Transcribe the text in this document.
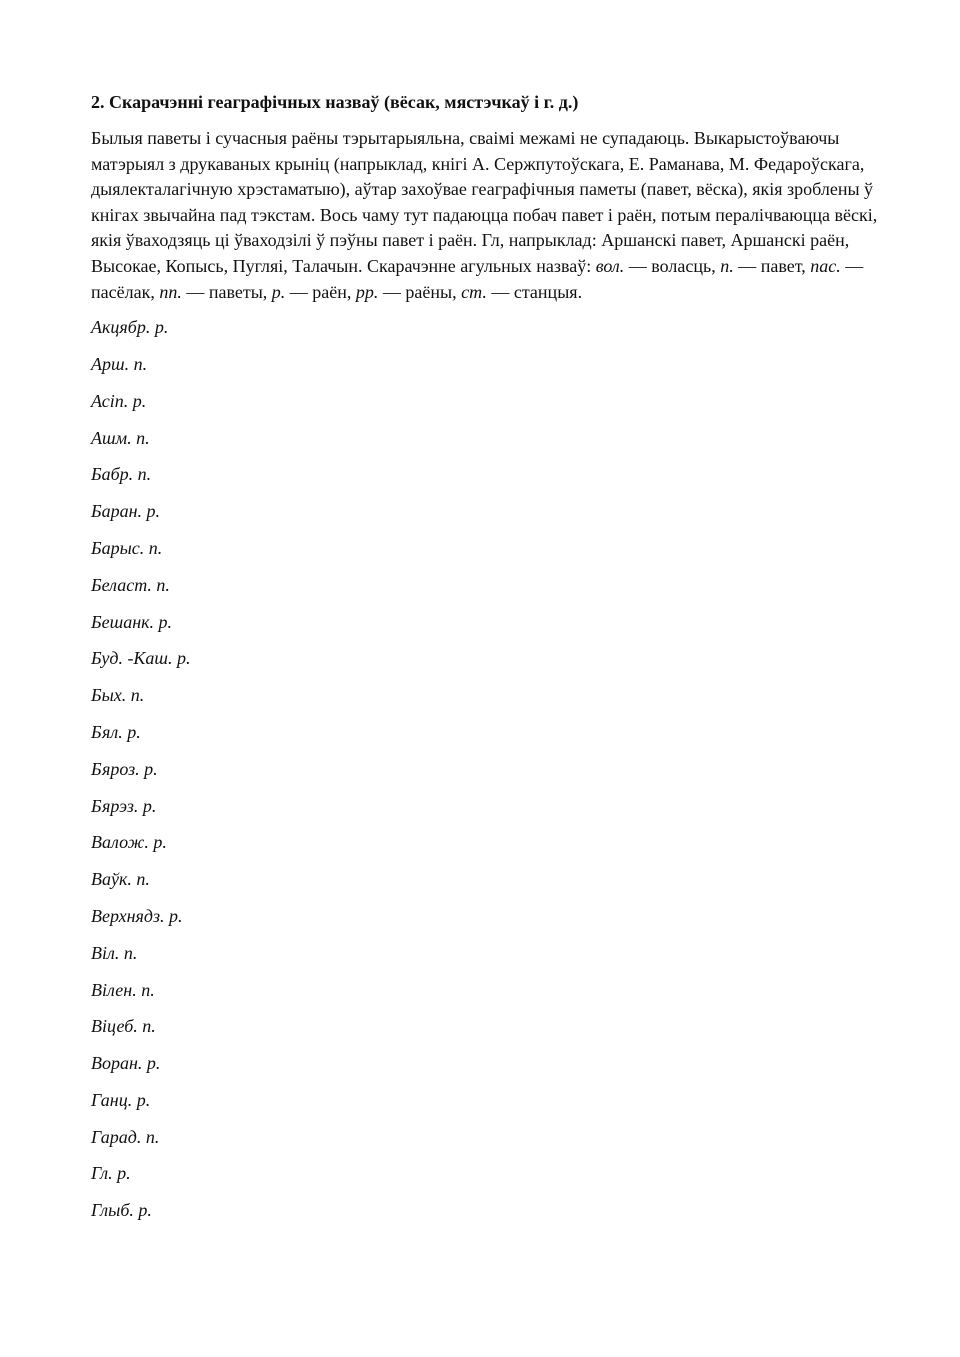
2. Скарачэнні геаграфічных назваў (вёсак, мястэчкаў і г. д.)

Былыя паветы і сучасныя раёны тэрытарыяльна, сваімі межамі не супадаюць. Выкарыстоўваючы матэрыял з друкаваных крыніц (напрыклад, кнігі А. Сержпутоўскага, Е. Раманава, М. Федароўскага, дыялекталагічную хрэстаматыю), аўтар захоўвае геаграфічныя паметы (павет, вёска), якія зроблены ў кнігах звычайна пад тэкстам. Вось чаму тут падаюцца побач павет і раён, потым пералічваюцца вёскі, якія ўваходзяць ці ўваходзілі ў пэўны павет і раён. Гл, напрыклад: Аршанскі павет, Аршанскі раён, Высокае, Копысь, Пугляі, Талачын. Скарачэнне агульных назваў: вол. — воласць, п. — павет, пас. — пасёлак, пп. — паветы, р. — раён, рр. — раёны, ст. — станцыя.

Акцябр. р.
Арш. п.
Асіп. р.
Ашм. п.
Бабр. п.
Баран. р.
Барыс. п.
Беласт. п.
Бешанк. р.
Буд. -Каш. р.
Бых. п.
Бял. р.
Бяроз. р.
Бярэз. р.
Валож. р.
Ваўк. п.
Верхнядз. р.
Віл. п.
Вілен. п.
Віцеб. п.
Воран. р.
Ганц. р.
Гарад. п.
Гл. р.
Глыб. р.
